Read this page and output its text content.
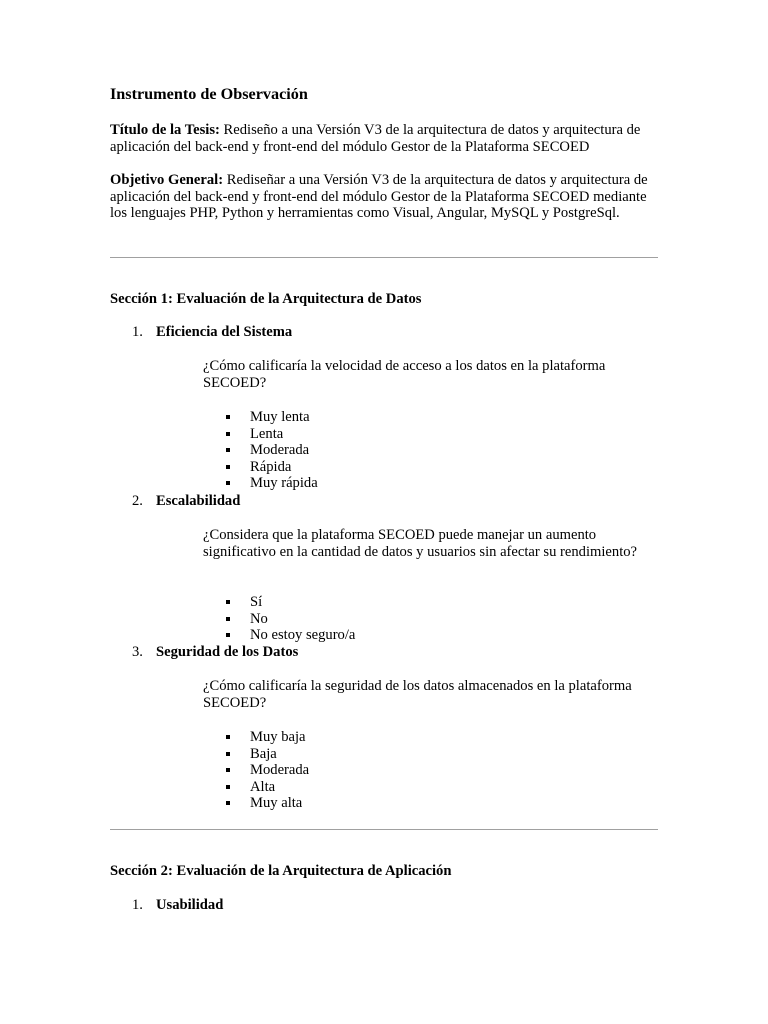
Instrumento de Observación
Título de la Tesis: Rediseño a una Versión V3 de la arquitectura de datos y arquitectura de aplicación del back-end y front-end del módulo Gestor de la Plataforma SECOED
Objetivo General: Rediseñar a una Versión V3 de la arquitectura de datos y arquitectura de aplicación del back-end y front-end del módulo Gestor de la Plataforma SECOED mediante los lenguajes PHP, Python y herramientas como Visual, Angular, MySQL y PostgreSql.
Sección 1: Evaluación de la Arquitectura de Datos
1. Eficiencia del Sistema
¿Cómo calificaría la velocidad de acceso a los datos en la plataforma SECOED?
Muy lenta
Lenta
Moderada
Rápida
Muy rápida
2. Escalabilidad
¿Considera que la plataforma SECOED puede manejar un aumento significativo en la cantidad de datos y usuarios sin afectar su rendimiento?
Sí
No
No estoy seguro/a
3. Seguridad de los Datos
¿Cómo calificaría la seguridad de los datos almacenados en la plataforma SECOED?
Muy baja
Baja
Moderada
Alta
Muy alta
Sección 2: Evaluación de la Arquitectura de Aplicación
1. Usabilidad
